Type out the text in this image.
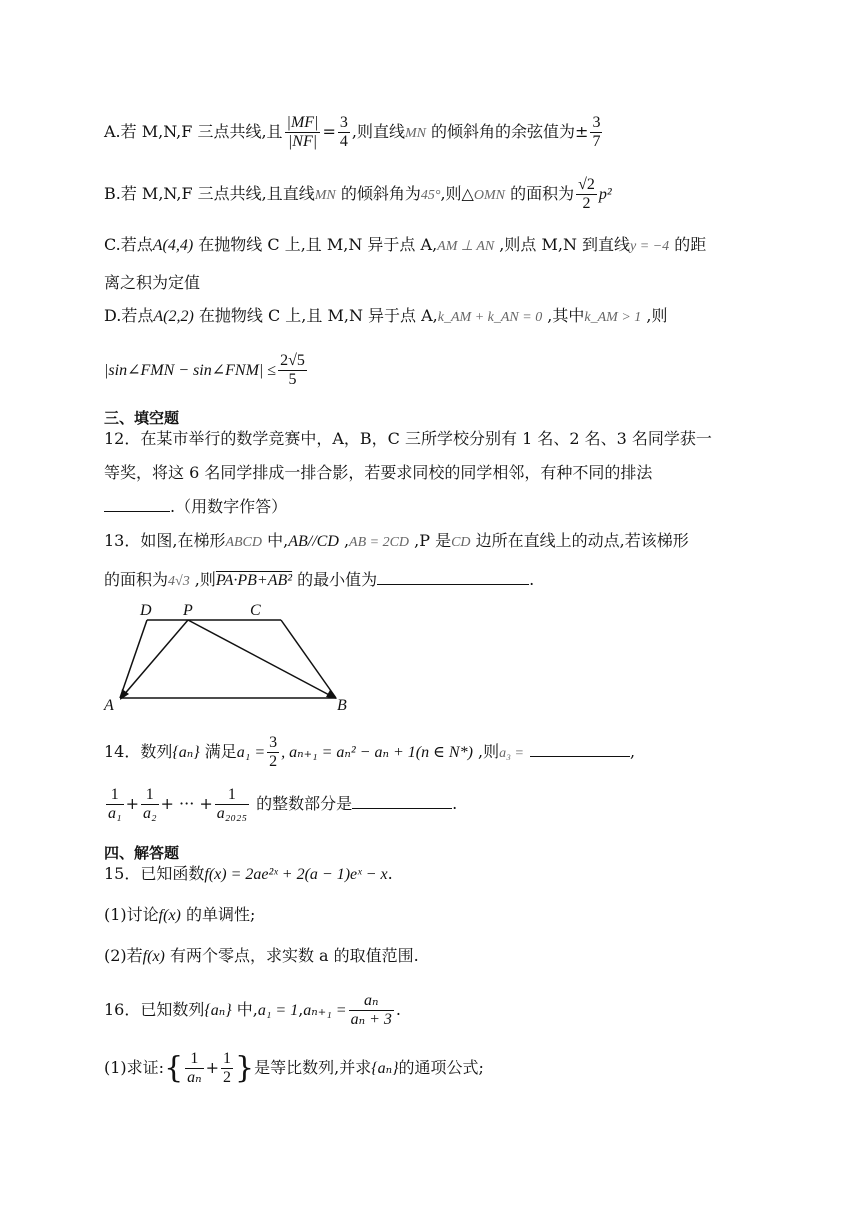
A.若 M,N,F 三点共线,且 $\frac{|MF|}{|NF|} = \frac{3}{4}$ ,则直线MN 的倾斜角的余弦值为± $\frac{3}{7}$
B.若 M,N,F 三点共线,且直线MN 的倾斜角为45°,则△OMN 的面积为 $\frac{√2}{2} p^2$
C.若点A(4,4) 在抛物线 C 上,且 M,N 异于点 A,AM ⊥ AN ,则点 M,N 到直线y = −4 的距
离之积为定值
D.若点A(2,2) 在抛物线 C 上,且 M,N 异于点 A,k_AM + k_AN = 0 ,其中k_AM > 1 ,则
|sin∠FMN − sin∠FNM| ≤ $\frac{2√5}{5}$
三、填空题
12．在某市举行的数学竞赛中，A，B，C 三所学校分别有 1 名、2 名、3 名同学获一
等奖，将这 6 名同学排成一排合影，若要求同校的同学相邻，有种不同的排法
.（用数字作答）
13．如图,在梯形ABCD 中,AB//CD ,AB = 2CD ,P 是CD 边所在直线上的动点,若该梯形
的面积为4√3 ,则PA·PB+AB² 的最小值为	.
D P	C
A	B
14．数列{aₙ} 满足$a_1 = \frac{3}{2}$ , aₙ₊₁ = aₙ² − aₙ + 1(n ∈ N*) ,则a₃ =	,
$\frac{1}{\text{a₁}} + \frac{1}{\text{a₂}}$ + ··· + $\frac{1}{\text{a₂₀₂₅}}$ 的整数部分是	.
四、解答题
15．已知函数f(x) = 2ae²ˣ + 2(a − 1)eˣ − x.
(1)讨论f(x) 的单调性;
(2)若f(x) 有两个零点，求实数 a 的取值范围.
16．已知数列{aₙ} 中$,a_1 = 1,a_{n+1} = \frac{\text{aₙ}}{\text{aₙ + 3}}$ .
(1)求证:{ $\frac{1}{\text{aₙ}} + \frac{1}{2}$ }是等比数列,并求{aₙ}的通项公式;
